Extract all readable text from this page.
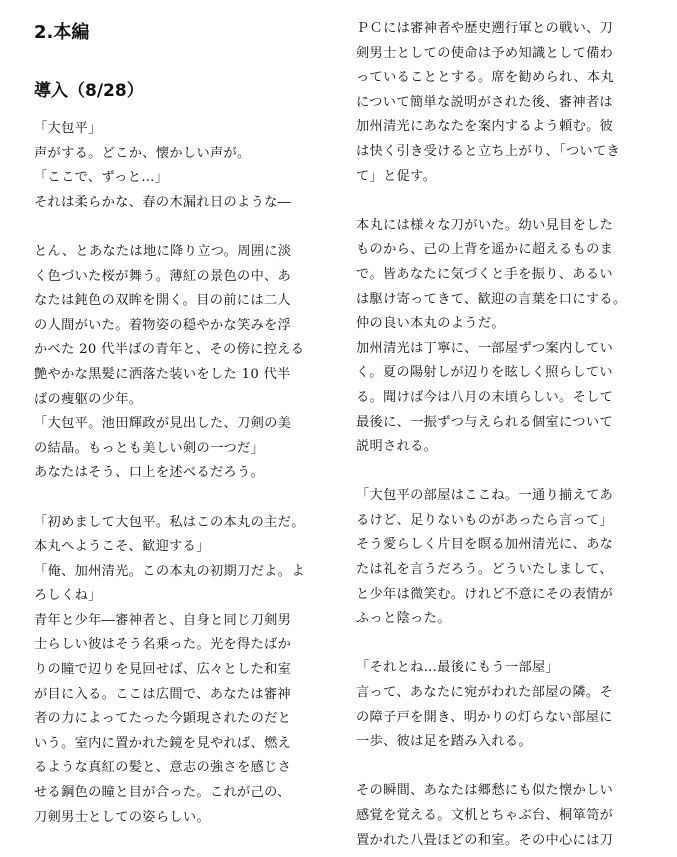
2.本編
導入（8/28）
「大包平」
声がする。どこか、懐かしい声が。
「ここで、ずっと…」
それは柔らかな、春の木漏れ日のような―
とん、とあなたは地に降り立つ。周囲に淡
く色づいた桜が舞う。薄紅の景色の中、あ
なたは鈍色の双眸を開く。目の前には二人
の人間がいた。着物姿の穏やかな笑みを浮
かべた 20 代半ばの青年と、その傍に控える
艶やかな黒髪に洒落た装いをした 10 代半
ばの痩躯の少年。
「大包平。池田輝政が見出した、刀剣の美
の結晶。もっとも美しい剣の一つだ」
あなたはそう、口上を述べるだろう。
「初めまして大包平。私はこの本丸の主だ。
本丸へようこそ、歓迎する」
「俺、加州清光。この本丸の初期刀だよ。よ
ろしくね」
青年と少年―審神者と、自身と同じ刀剣男
士らしい彼はそう名乗った。光を得たばか
りの瞳で辺りを見回せば、広々とした和室
が目に入る。ここは広間で、あなたは審神
者の力によってたった今顕現されたのだと
いう。室内に置かれた鏡を見やれば、燃え
るような真紅の髪と、意志の強さを感じさ
せる鋼色の瞳と目が合った。これが己の、
刀剣男士としての姿らしい。
ＰＣには審神者や歴史遡行軍との戦い、刀
剣男士としての使命は予め知識として備わ
っていることとする。席を勧められ、本丸
について簡単な説明がされた後、審神者は
加州清光にあなたを案内するよう頼む。彼
は快く引き受けると立ち上がり、「ついてき
て」と促す。
本丸には様々な刀がいた。幼い見目をした
ものから、己の上背を遥かに超えるものま
で。皆あなたに気づくと手を振り、あるい
は駆け寄ってきて、歓迎の言葉を口にする。
仲の良い本丸のようだ。
加州清光は丁寧に、一部屋ずつ案内してい
く。夏の陽射しが辺りを眩しく照らしてい
る。聞けば今は八月の末頃らしい。そして
最後に、一振ずつ与えられる個室について
説明される。
「大包平の部屋はここね。一通り揃えてあ
るけど、足りないものがあったら言って」
そう愛らしく片目を瞑る加州清光に、あな
たは礼を言うだろう。どういたしまして、
と少年は微笑む。けれど不意にその表情が
ふっと陰った。
「それとね…最後にもう一部屋」
言って、あなたに宛がわれた部屋の隣。そ
の障子戸を開き、明かりの灯らない部屋に
一歩、彼は足を踏み入れる。
その瞬間、あなたは郷愁にも似た懐かしい
感覚を覚える。文机とちゃぶ台、桐箪笥が
置かれた八畳ほどの和室。その中心には刀
